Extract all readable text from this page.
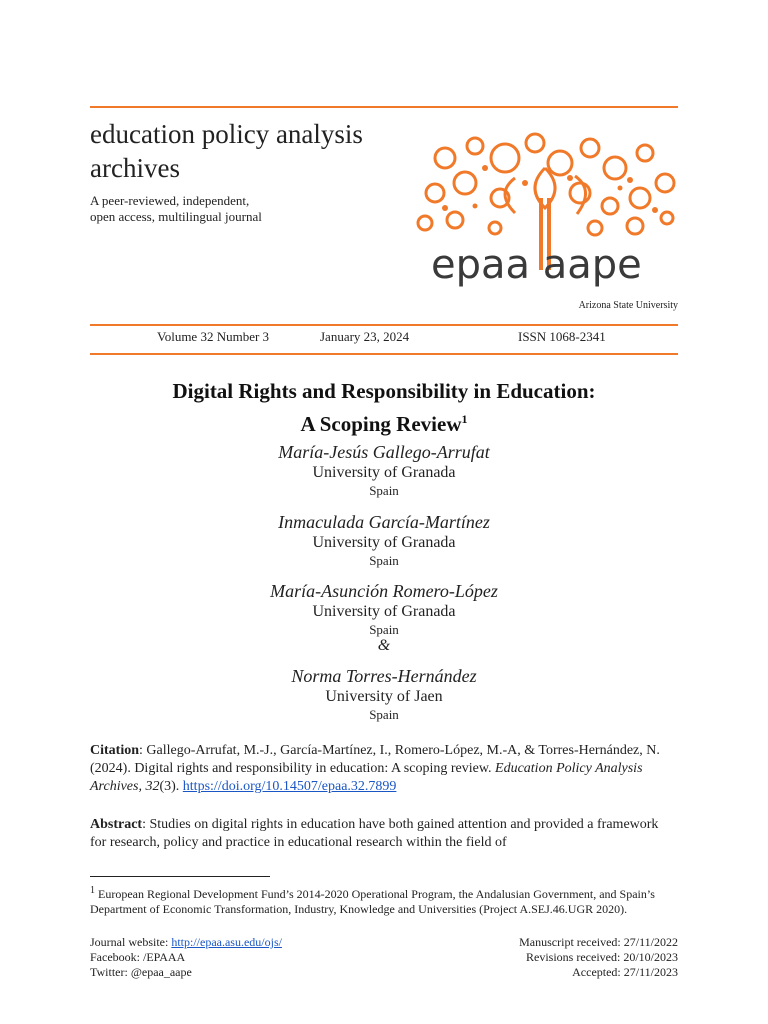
education policy analysis
archives
A peer-reviewed, independent,
open access, multilingual journal
epaa aape
Arizona State University
Volume 32 Number 3	January 23, 2024	ISSN 1068-2341
Digital Rights and Responsibility in Education:
A Scoping Review$^1$
María-Jesús Gallego-Arrufat
University of Granada
Spain
Inmaculada García-Martínez
University of Granada
Spain
María-Asunción Romero-López
University of Granada
Spain
&
Norma Torres-Hernández
University of Jaen
Spain
Citation: Gallego-Arrufat, M.-J., García-Martínez, I., Romero-López, M.-A, & Torres-Hernández, N. (2024). Digital rights and responsibility in education: A scoping review. Education Policy Analysis Archives, 32(3). https://doi.org/10.14507/epaa.32.7899
Abstract: Studies on digital rights in education have both gained attention and provided a framework for research, policy and practice in educational research within the field of
$^1$ European Regional Development Fund’s 2014-2020 Operational Program, the Andalusian Government, and Spain’s Department of Economic Transformation, Industry, Knowledge and Universities (Project A.SEJ.46.UGR 2020).
Journal website: http://epaa.asu.edu/ojs/
Facebook: /EPAAA
Twitter: @epaa_aape
Manuscript received: 27/11/2022
Revisions received: 20/10/2023
Accepted: 27/11/2023
